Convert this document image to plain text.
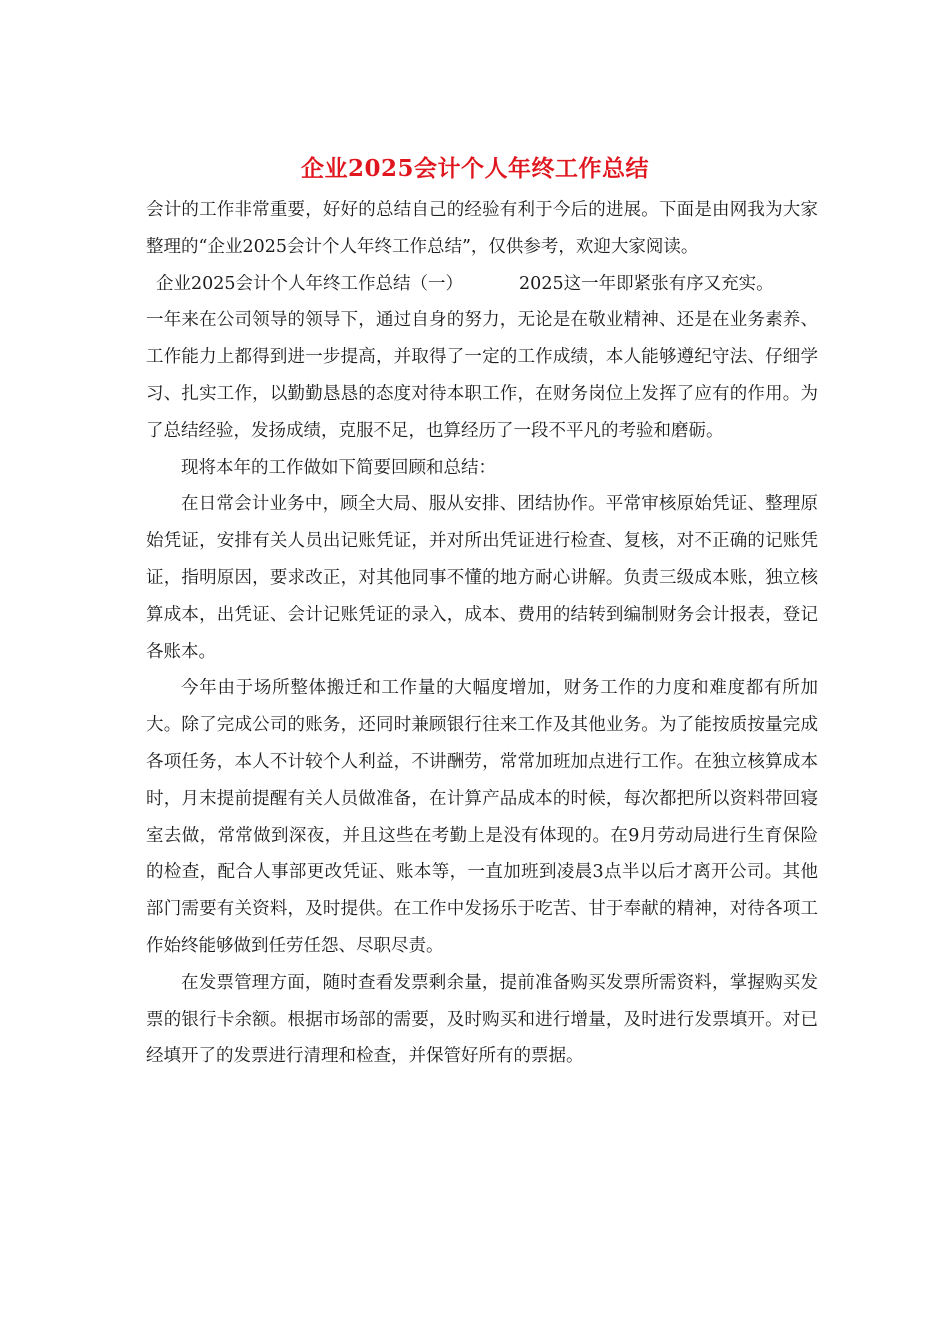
企业2025会计个人年终工作总结

会计的工作非常重要，好好的总结自己的经验有利于今后的进展。下面是由网我为大家整理的“企业2025会计个人年终工作总结”，仅供参考，欢迎大家阅读。

企业2025会计个人年终工作总结（一）	2025这一年即紧张有序又充实。

一年来在公司领导的领导下，通过自身的努力，无论是在敬业精神、还是在业务素养、工作能力上都得到进一步提高，并取得了一定的工作成绩，本人能够遵纪守法、仔细学习、扎实工作，以勤勤恳恳的态度对待本职工作，在财务岗位上发挥了应有的作用。为了总结经验，发扬成绩，克服不足，也算经历了一段不平凡的考验和磨砺。

现将本年的工作做如下简要回顾和总结：

在日常会计业务中，顾全大局、服从安排、团结协作。平常审核原始凭证、整理原始凭证，安排有关人员出记账凭证，并对所出凭证进行检查、复核，对不正确的记账凭证，指明原因，要求改正，对其他同事不懂的地方耐心讲解。负责三级成本账，独立核算成本，出凭证、会计记账凭证的录入，成本、费用的结转到编制财务会计报表，登记各账本。

今年由于场所整体搬迁和工作量的大幅度增加，财务工作的力度和难度都有所加大。除了完成公司的账务，还同时兼顾银行往来工作及其他业务。为了能按质按量完成各项任务，本人不计较个人利益，不讲酬劳，常常加班加点进行工作。在独立核算成本时，月末提前提醒有关人员做准备，在计算产品成本的时候，每次都把所以资料带回寝室去做，常常做到深夜，并且这些在考勤上是没有体现的。在9月劳动局进行生育保险的检查，配合人事部更改凭证、账本等，一直加班到凌晨3点半以后才离开公司。其他部门需要有关资料，及时提供。在工作中发扬乐于吃苦、甘于奉献的精神，对待各项工作始终能够做到任劳任怨、尽职尽责。

在发票管理方面，随时查看发票剩余量，提前准备购买发票所需资料，掌握购买发票的银行卡余额。根据市场部的需要，及时购买和进行增量，及时进行发票填开。对已经填开了的发票进行清理和检查，并保管好所有的票据。
